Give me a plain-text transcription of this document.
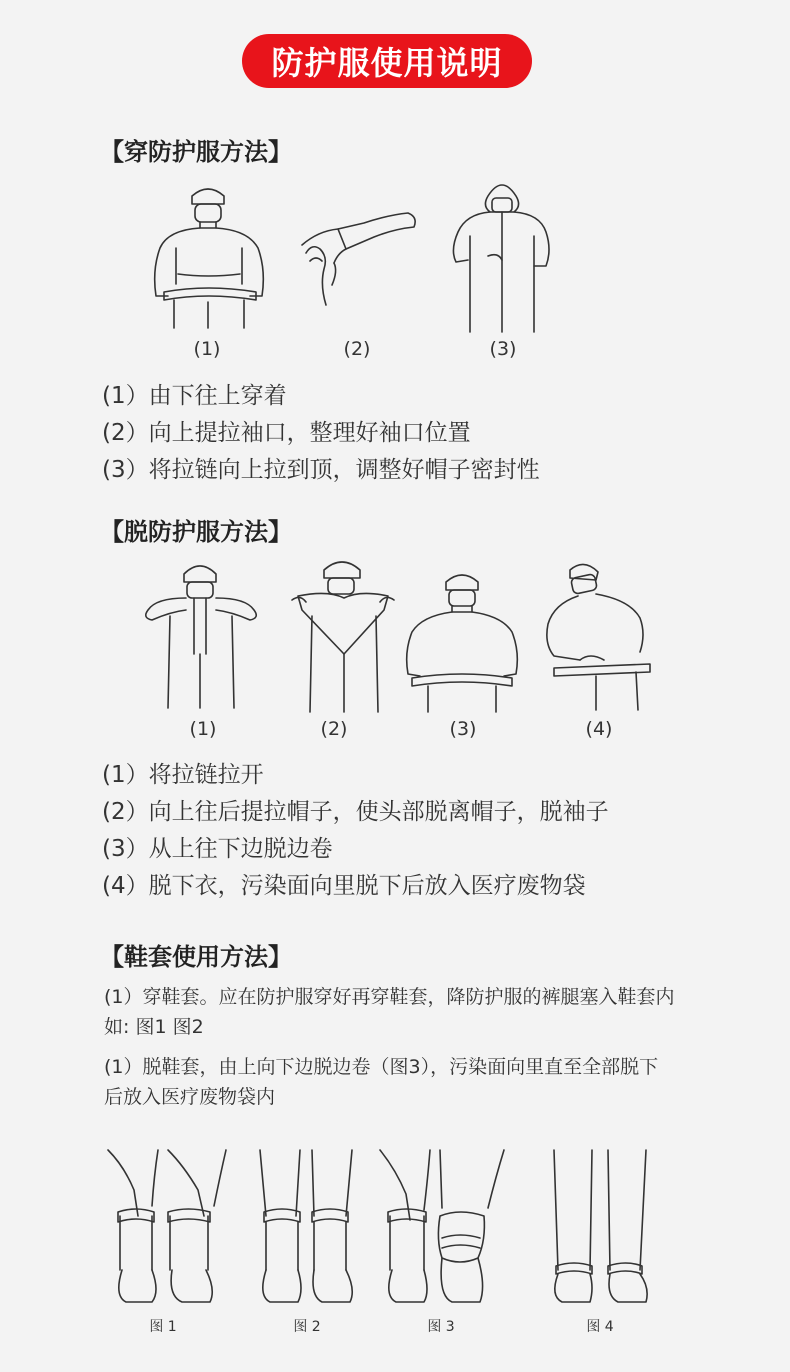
防护服使用说明
【穿防护服方法】
(1)	(2)	(3)
(1）由下往上穿着
(2）向上提拉袖口，整理好袖口位置
(3）将拉链向上拉到顶，调整好帽子密封性
【脱防护服方法】
(1)	(2)	(3)	(4)
(1）将拉链拉开
(2）向上往后提拉帽子，使头部脱离帽子，脱袖子
(3）从上往下边脱边卷
(4）脱下衣，污染面向里脱下后放入医疗废物袋
【鞋套使用方法】
(1）穿鞋套。应在防护服穿好再穿鞋套，降防护服的裤腿塞入鞋套内
如: 图1 图2
(1）脱鞋套，由上向下边脱边卷（图3），污染面向里直至全部脱下
后放入医疗废物袋内
图 1	图 2	图 3	图 4
